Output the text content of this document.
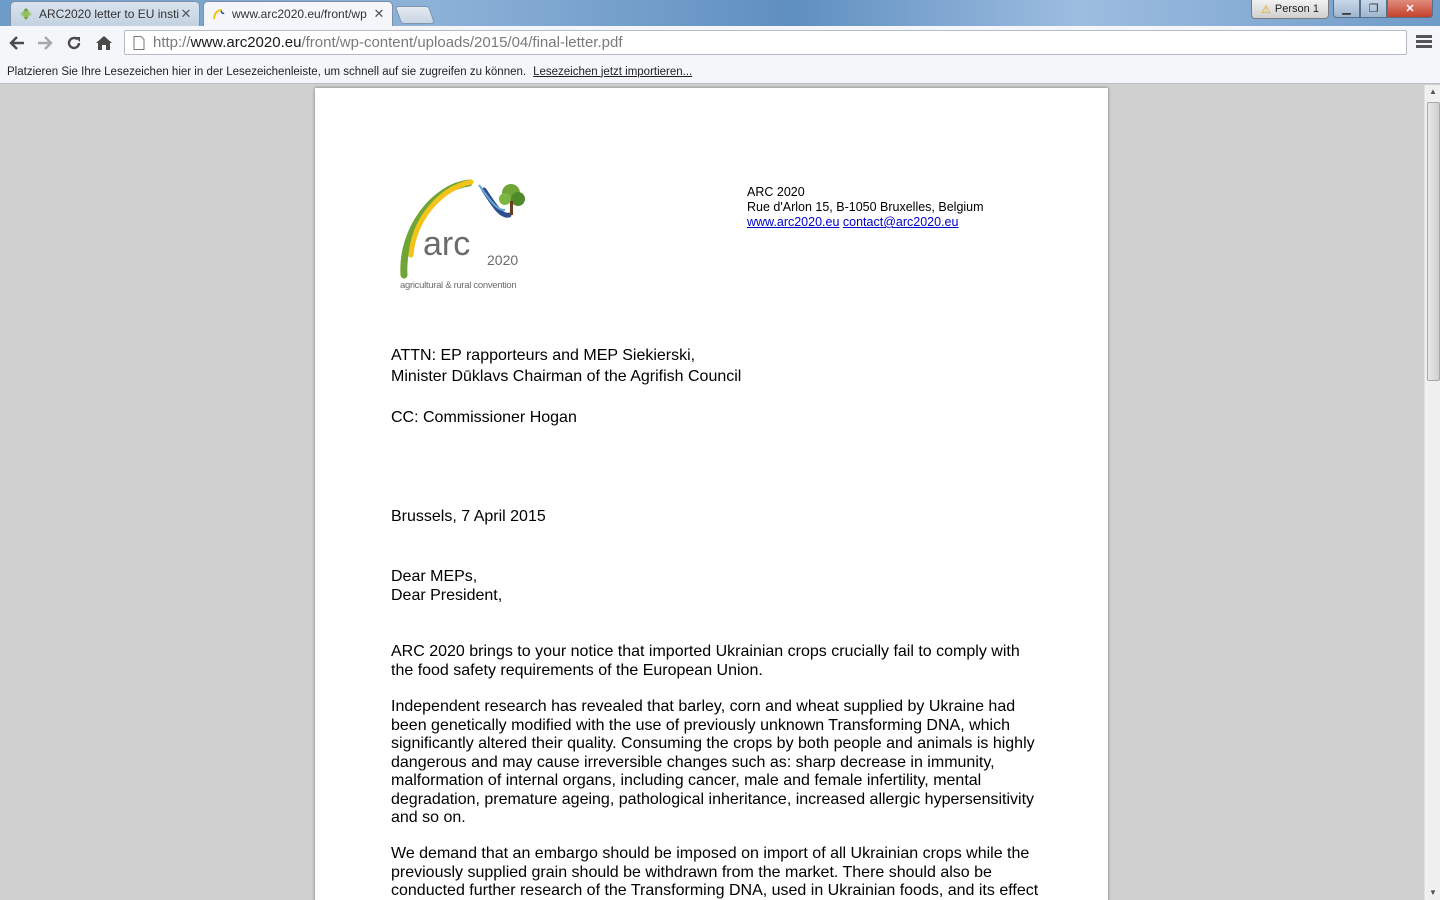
ARC2020 letter to EU insti ✕	www.arc2020.eu/front/wp ✕	⚠ Person 1	▁	❐	✕
http://www.arc2020.eu/front/wp-content/uploads/2015/04/final-letter.pdf
Platzieren Sie Ihre Lesezeichen hier in der Lesezeichenleiste, um schnell auf sie zugreifen zu können. Lesezeichen jetzt importieren...
arc 2020
agricultural & rural convention
ARC 2020
Rue d'Arlon 15, B-1050 Bruxelles, Belgium
www.arc2020.eu contact@arc2020.eu
ATTN: EP rapporteurs and MEP Siekierski,
Minister Dūklavs Chairman of the Agrifish Council
CC: Commissioner Hogan
Brussels, 7 April 2015
Dear MEPs,
Dear President,
ARC 2020 brings to your notice that imported Ukrainian crops crucially fail to comply with the food safety requirements of the European Union.
Independent research has revealed that barley, corn and wheat supplied by Ukraine had been genetically modified with the use of previously unknown Transforming DNA, which significantly altered their quality. Consuming the crops by both people and animals is highly dangerous and may cause irreversible changes such as: sharp decrease in immunity, malformation of internal organs, including cancer, male and female infertility, mental degradation, premature ageing, pathological inheritance, increased allergic hypersensitivity and so on.
We demand that an embargo should be imposed on import of all Ukrainian crops while the previously supplied grain should be withdrawn from the market. There should also be conducted further research of the Transforming DNA, used in Ukrainian foods, and its effect
▲
▼
